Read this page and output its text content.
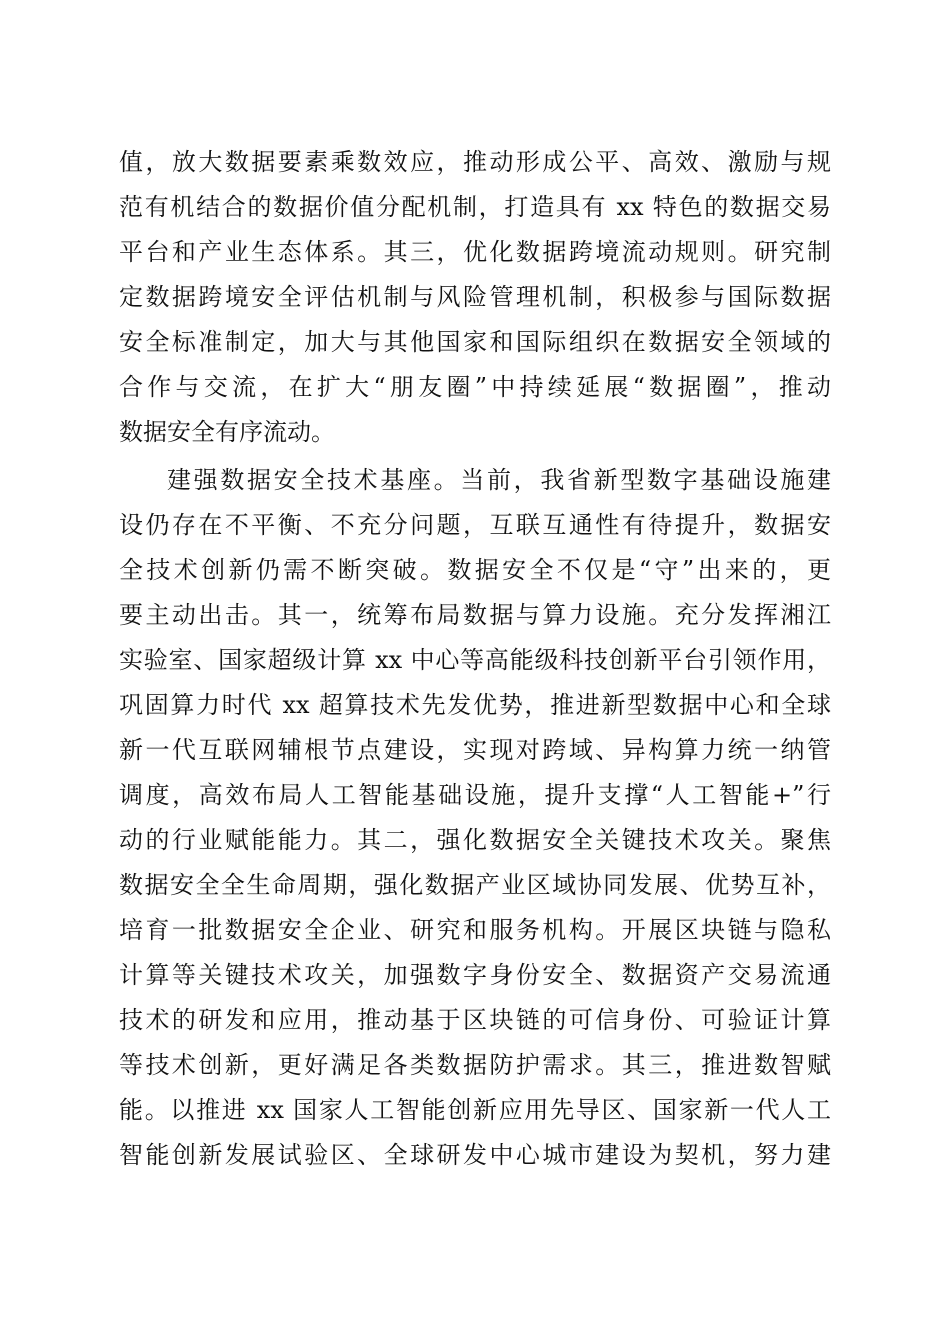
值，放大数据要素乘数效应，推动形成公平、高效、激励与规
范有机结合的数据价值分配机制，打造具有 xx 特色的数据交易
平台和产业生态体系。其三，优化数据跨境流动规则。研究制
定数据跨境安全评估机制与风险管理机制，积极参与国际数据
安全标准制定，加大与其他国家和国际组织在数据安全领域的
合作与交流，在扩大“朋友圈”中持续延展“数据圈”，推动
数据安全有序流动。
建强数据安全技术基座。当前，我省新型数字基础设施建
设仍存在不平衡、不充分问题，互联互通性有待提升，数据安
全技术创新仍需不断突破。数据安全不仅是“守”出来的，更
要主动出击。其一，统筹布局数据与算力设施。充分发挥湘江
实验室、国家超级计算 xx 中心等高能级科技创新平台引领作用，
巩固算力时代 xx 超算技术先发优势，推进新型数据中心和全球
新一代互联网辅根节点建设，实现对跨域、异构算力统一纳管
调度，高效布局人工智能基础设施，提升支撑“人工智能+”行
动的行业赋能能力。其二，强化数据安全关键技术攻关。聚焦
数据安全全生命周期，强化数据产业区域协同发展、优势互补，
培育一批数据安全企业、研究和服务机构。开展区块链与隐私
计算等关键技术攻关，加强数字身份安全、数据资产交易流通
技术的研发和应用，推动基于区块链的可信身份、可验证计算
等技术创新，更好满足各类数据防护需求。其三，推进数智赋
能。以推进 xx 国家人工智能创新应用先导区、国家新一代人工
智能创新发展试验区、全球研发中心城市建设为契机，努力建
